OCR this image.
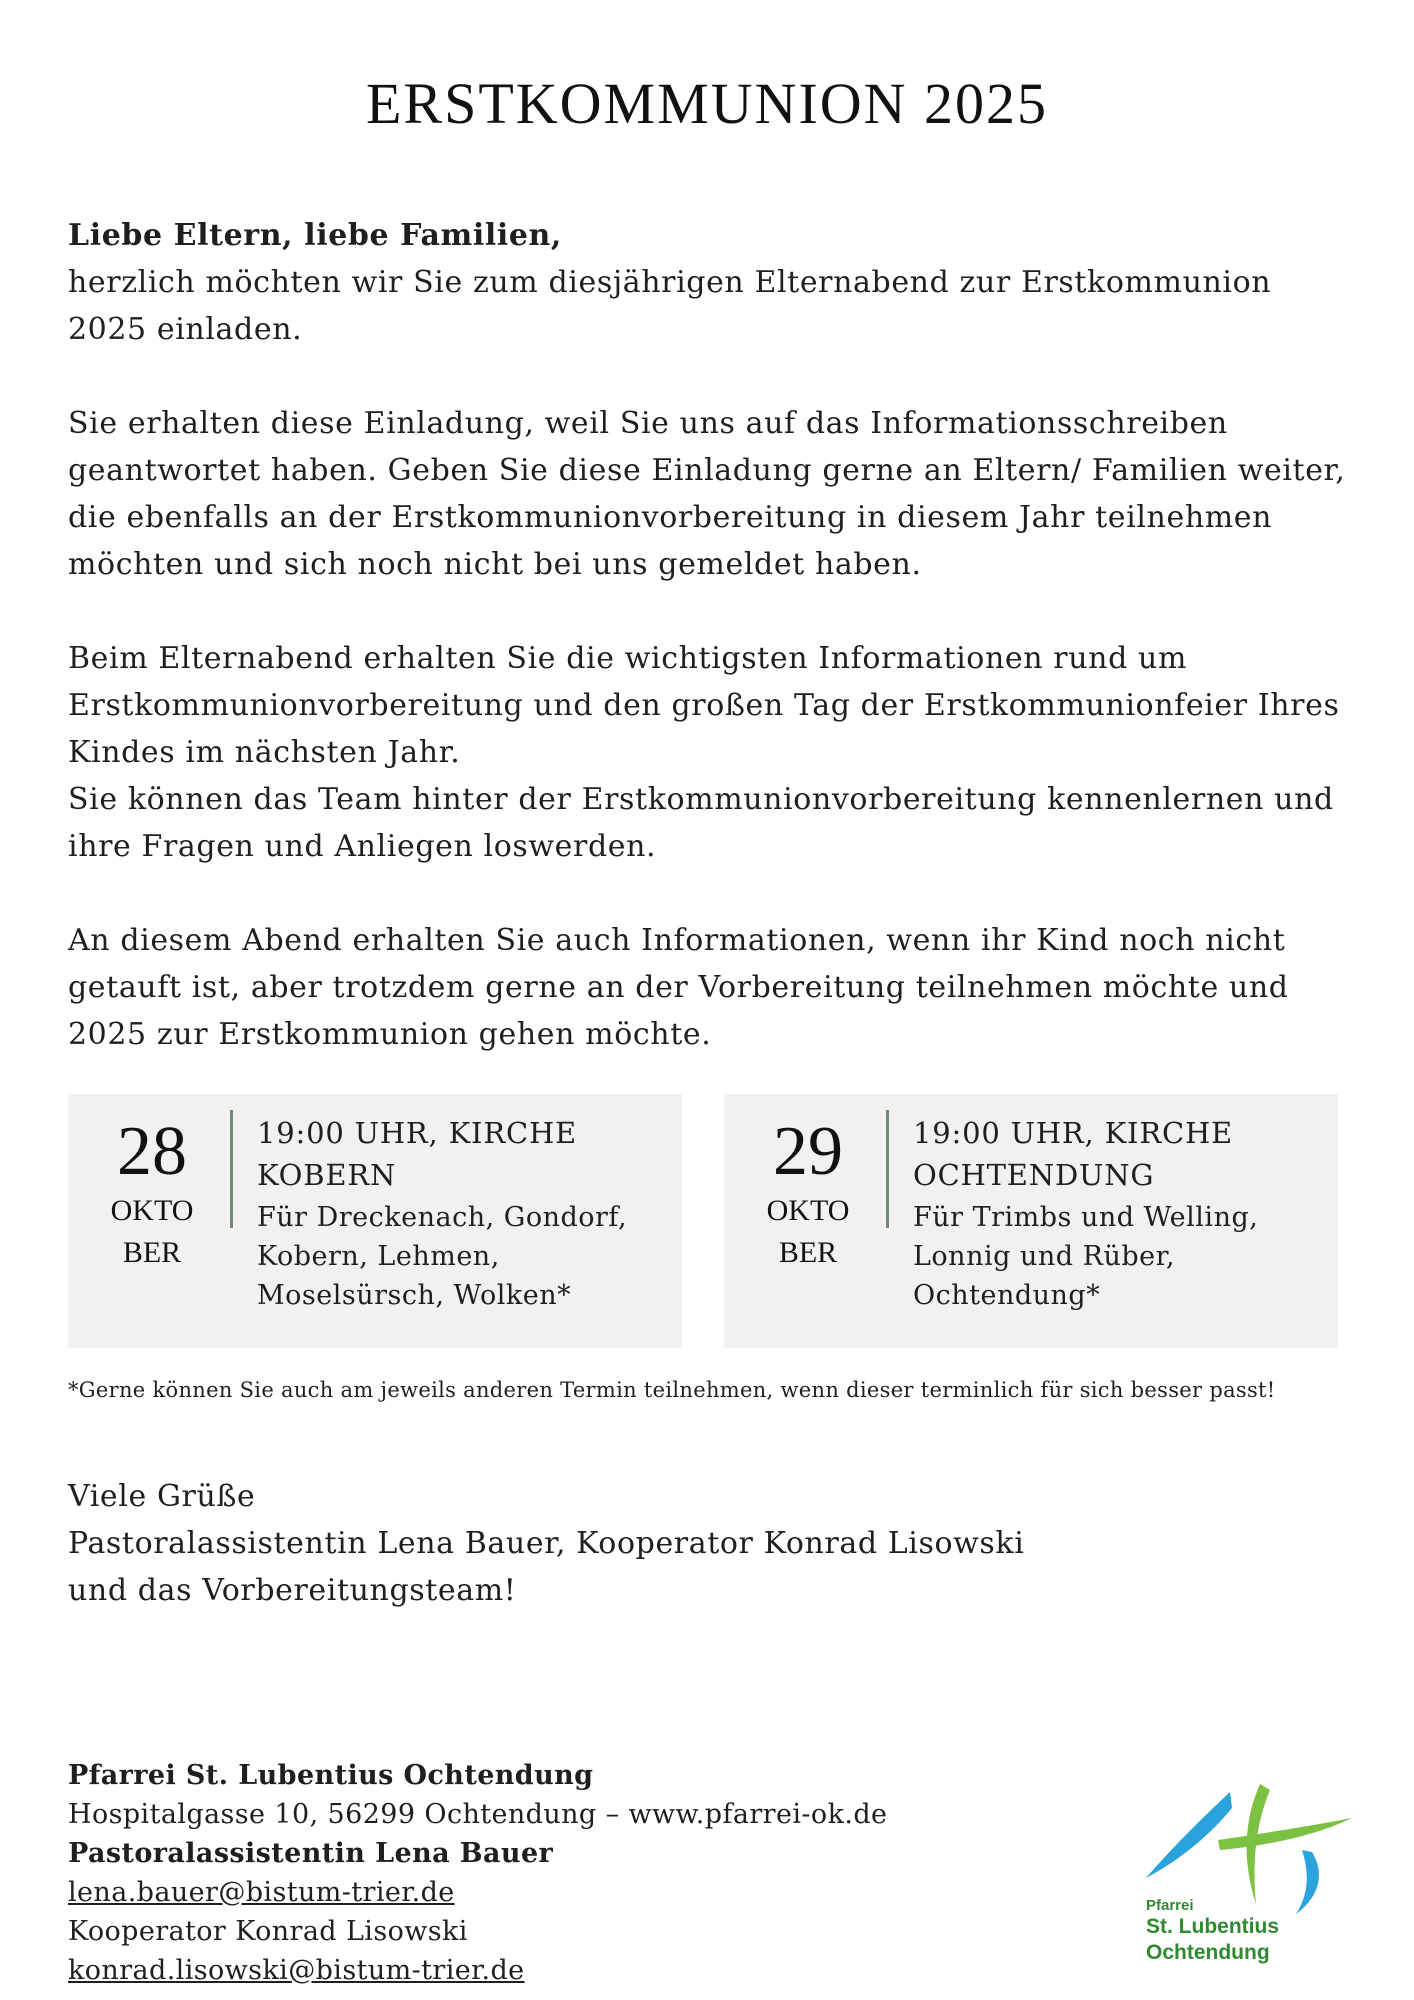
ERSTKOMMUNION 2025

Liebe Eltern, liebe Familien,
herzlich möchten wir Sie zum diesjährigen Elternabend zur Erstkommunion 2025 einladen.

Sie erhalten diese Einladung, weil Sie uns auf das Informationsschreiben geantwortet haben. Geben Sie diese Einladung gerne an Eltern/ Familien weiter, die ebenfalls an der Erstkommunionvorbereitung in diesem Jahr teilnehmen möchten und sich noch nicht bei uns gemeldet haben.

Beim Elternabend erhalten Sie die wichtigsten Informationen rund um Erstkommunionvorbereitung und den großen Tag der Erstkommunionfeier Ihres Kindes im nächsten Jahr.
Sie können das Team hinter der Erstkommunionvorbereitung kennenlernen und ihre Fragen und Anliegen loswerden.

An diesem Abend erhalten Sie auch Informationen, wenn ihr Kind noch nicht getauft ist, aber trotzdem gerne an der Vorbereitung teilnehmen möchte und 2025 zur Erstkommunion gehen möchte.

28
OKTOBER
19:00 UHR, KIRCHE KOBERN
Für Dreckenach, Gondorf, Kobern, Lehmen, Moselsürsch, Wolken*
29
OKTOBER
19:00 UHR, KIRCHE OCHTENDUNG
Für Trimbs und Welling, Lonnig und Rüber, Ochtendung*
*Gerne können Sie auch am jeweils anderen Termin teilnehmen, wenn dieser terminlich für sich besser passt!
Viele Grüße
Pastoralassistentin Lena Bauer, Kooperator Konrad Lisowski
und das Vorbereitungsteam!
Pfarrei St. Lubentius Ochtendung
Hospitalgasse 10, 56299 Ochtendung – www.pfarrei-ok.de
Pastoralassistentin Lena Bauer
lena.bauer@bistum-trier.de
Kooperator Konrad Lisowski
konrad.lisowski@bistum-trier.de
Pfarrei
St. Lubentius
Ochtendung
